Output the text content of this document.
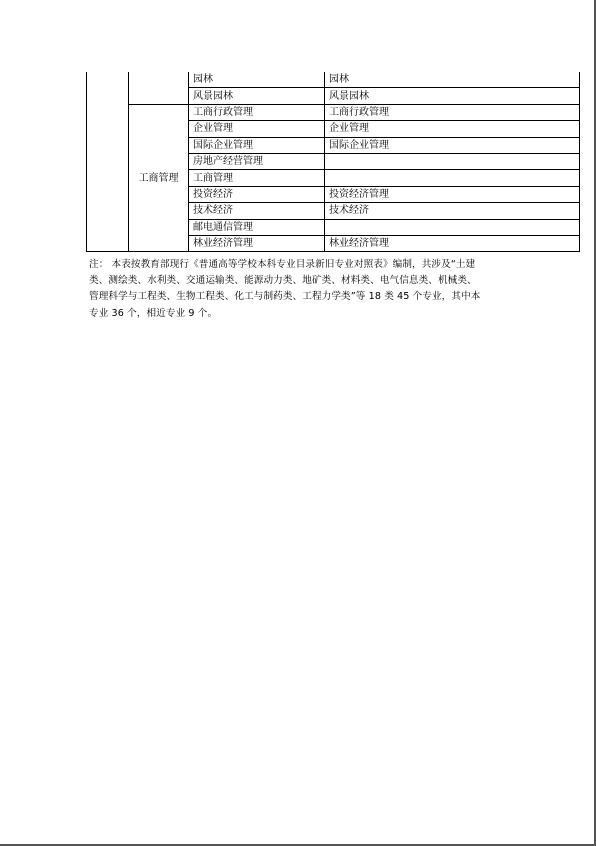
		园林	园林
		风景园林	风景园林
	工商管理	工商行政管理	工商行政管理
		企业管理	企业管理
		国际企业管理	国际企业管理
		房地产经营管理	
		工商管理	
		投资经济	投资经济管理
		技术经济	技术经济
		邮电通信管理	
		林业经济管理	林业经济管理

注： 本表按教育部现行《普通高等学校本科专业目录新旧专业对照表》编制，共涉及“土建

类、测绘类、水利类、交通运输类、能源动力类、地矿类、材料类、电气信息类、机械类、

管理科学与工程类、生物工程类、化工与制药类、工程力学类”等 18 类 45 个专业，其中本

专业 36 个，相近专业 9 个。
